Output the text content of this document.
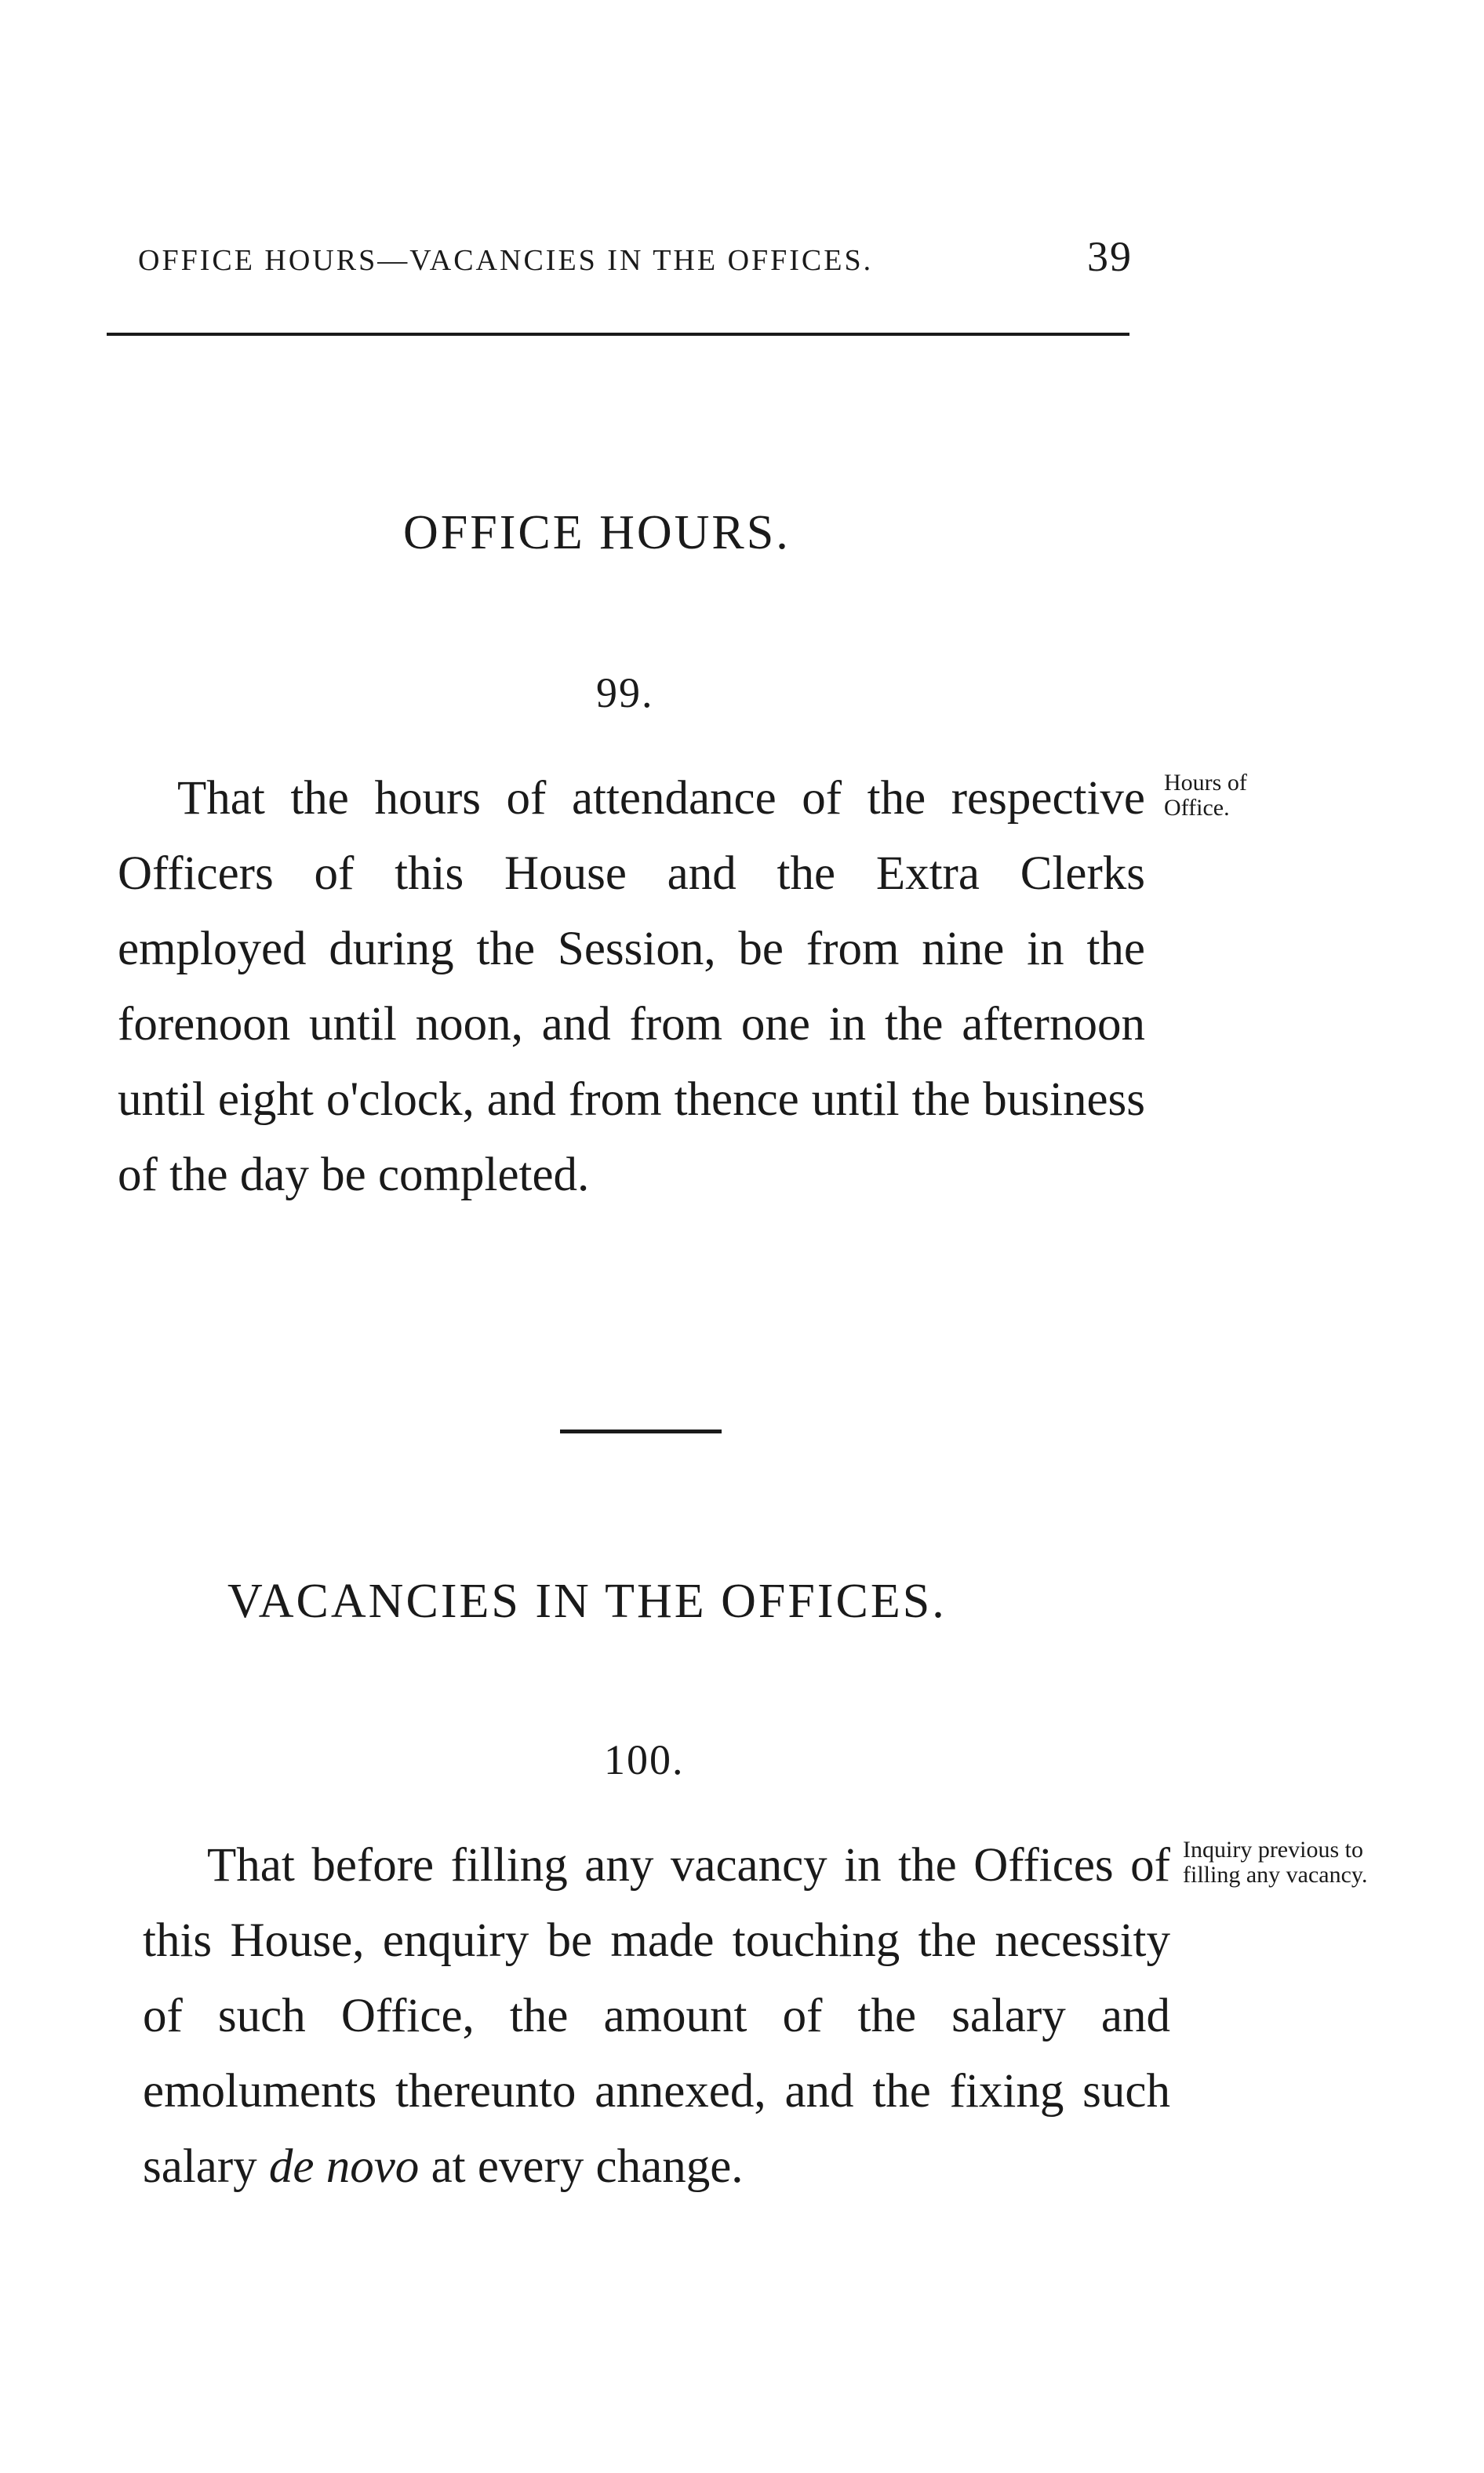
OFFICE HOURS—VACANCIES IN THE OFFICES.	39
OFFICE HOURS.
99.

That the hours of attendance of the respective Officers of this House and the Extra Clerks employed during the Session, be from nine in the forenoon until noon, and from one in the afternoon until eight o'clock, and from thence until the business of the day be completed.

Hours of
Office.
VACANCIES IN THE OFFICES.
100.

That before filling any vacancy in the Offices of this House, enquiry be made touching the necessity of such Office, the amount of the salary and emoluments thereunto annexed, and the fixing such salary de novo at every change.

Inquiry previous to filling any vacancy.
